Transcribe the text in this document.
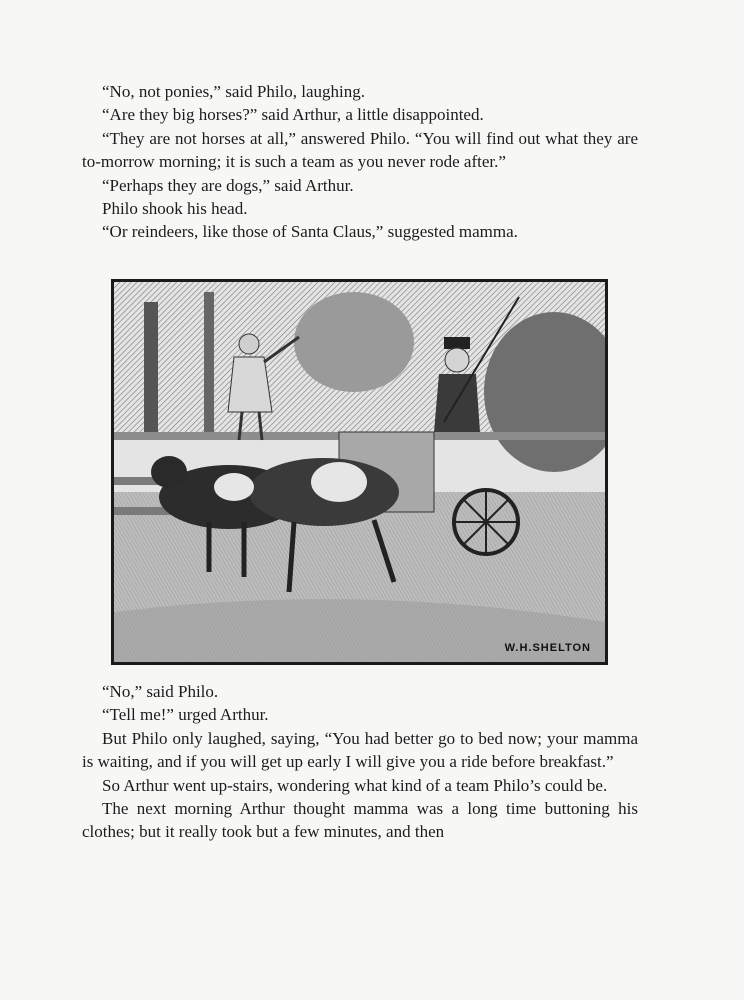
“No, not ponies,” said Philo, laughing.

“Are they big horses?” said Arthur, a little disappointed.

“They are not horses at all,” answered Philo. “You will find out what they are to-morrow morning; it is such a team as you never rode after.”

“Perhaps they are dogs,” said Arthur.

Philo shook his head.

“Or reindeers, like those of Santa Claus,” suggested mamma.

W.H.SHELTON

“No,” said Philo.

“Tell me!” urged Arthur.

But Philo only laughed, saying, “You had better go to bed now; your mamma is waiting, and if you will get up early I will give you a ride before breakfast.”

So Arthur went up-stairs, wondering what kind of a team Philo’s could be.

The next morning Arthur thought mamma was a long time buttoning his clothes; but it really took but a few minutes, and then
